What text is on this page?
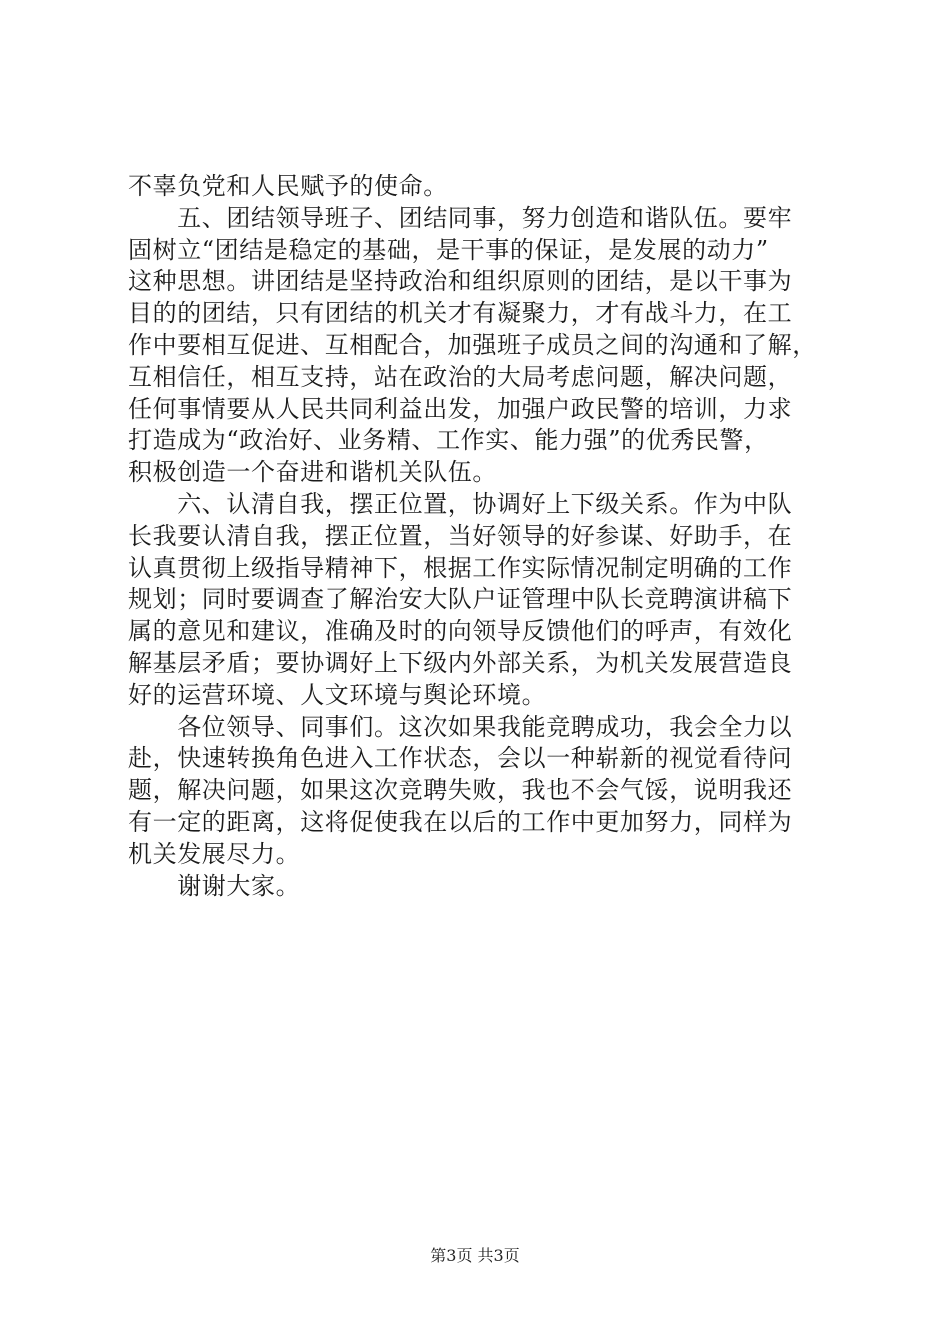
不辜负党和人民赋予的使命。
　　五、团结领导班子、团结同事，努力创造和谐队伍。要牢
固树立“团结是稳定的基础，是干事的保证，是发展的动力”
这种思想。讲团结是坚持政治和组织原则的团结，是以干事为
目的的团结，只有团结的机关才有凝聚力，才有战斗力，在工
作中要相互促进、互相配合，加强班子成员之间的沟通和了解，
互相信任，相互支持，站在政治的大局考虑问题，解决问题，
任何事情要从人民共同利益出发，加强户政民警的培训，力求
打造成为“政治好、业务精、工作实、能力强”的优秀民警，
积极创造一个奋进和谐机关队伍。
　　六、认清自我，摆正位置，协调好上下级关系。作为中队
长我要认清自我，摆正位置，当好领导的好参谋、好助手，在
认真贯彻上级指导精神下，根据工作实际情况制定明确的工作
规划；同时要调查了解治安大队户证管理中队长竞聘演讲稿下
属的意见和建议，准确及时的向领导反馈他们的呼声，有效化
解基层矛盾；要协调好上下级内外部关系，为机关发展营造良
好的运营环境、人文环境与舆论环境。
　　各位领导、同事们。这次如果我能竞聘成功，我会全力以
赴，快速转换角色进入工作状态，会以一种崭新的视觉看待问
题，解决问题，如果这次竞聘失败，我也不会气馁，说明我还
有一定的距离，这将促使我在以后的工作中更加努力，同样为
机关发展尽力。
　　谢谢大家。
第3页 共3页
